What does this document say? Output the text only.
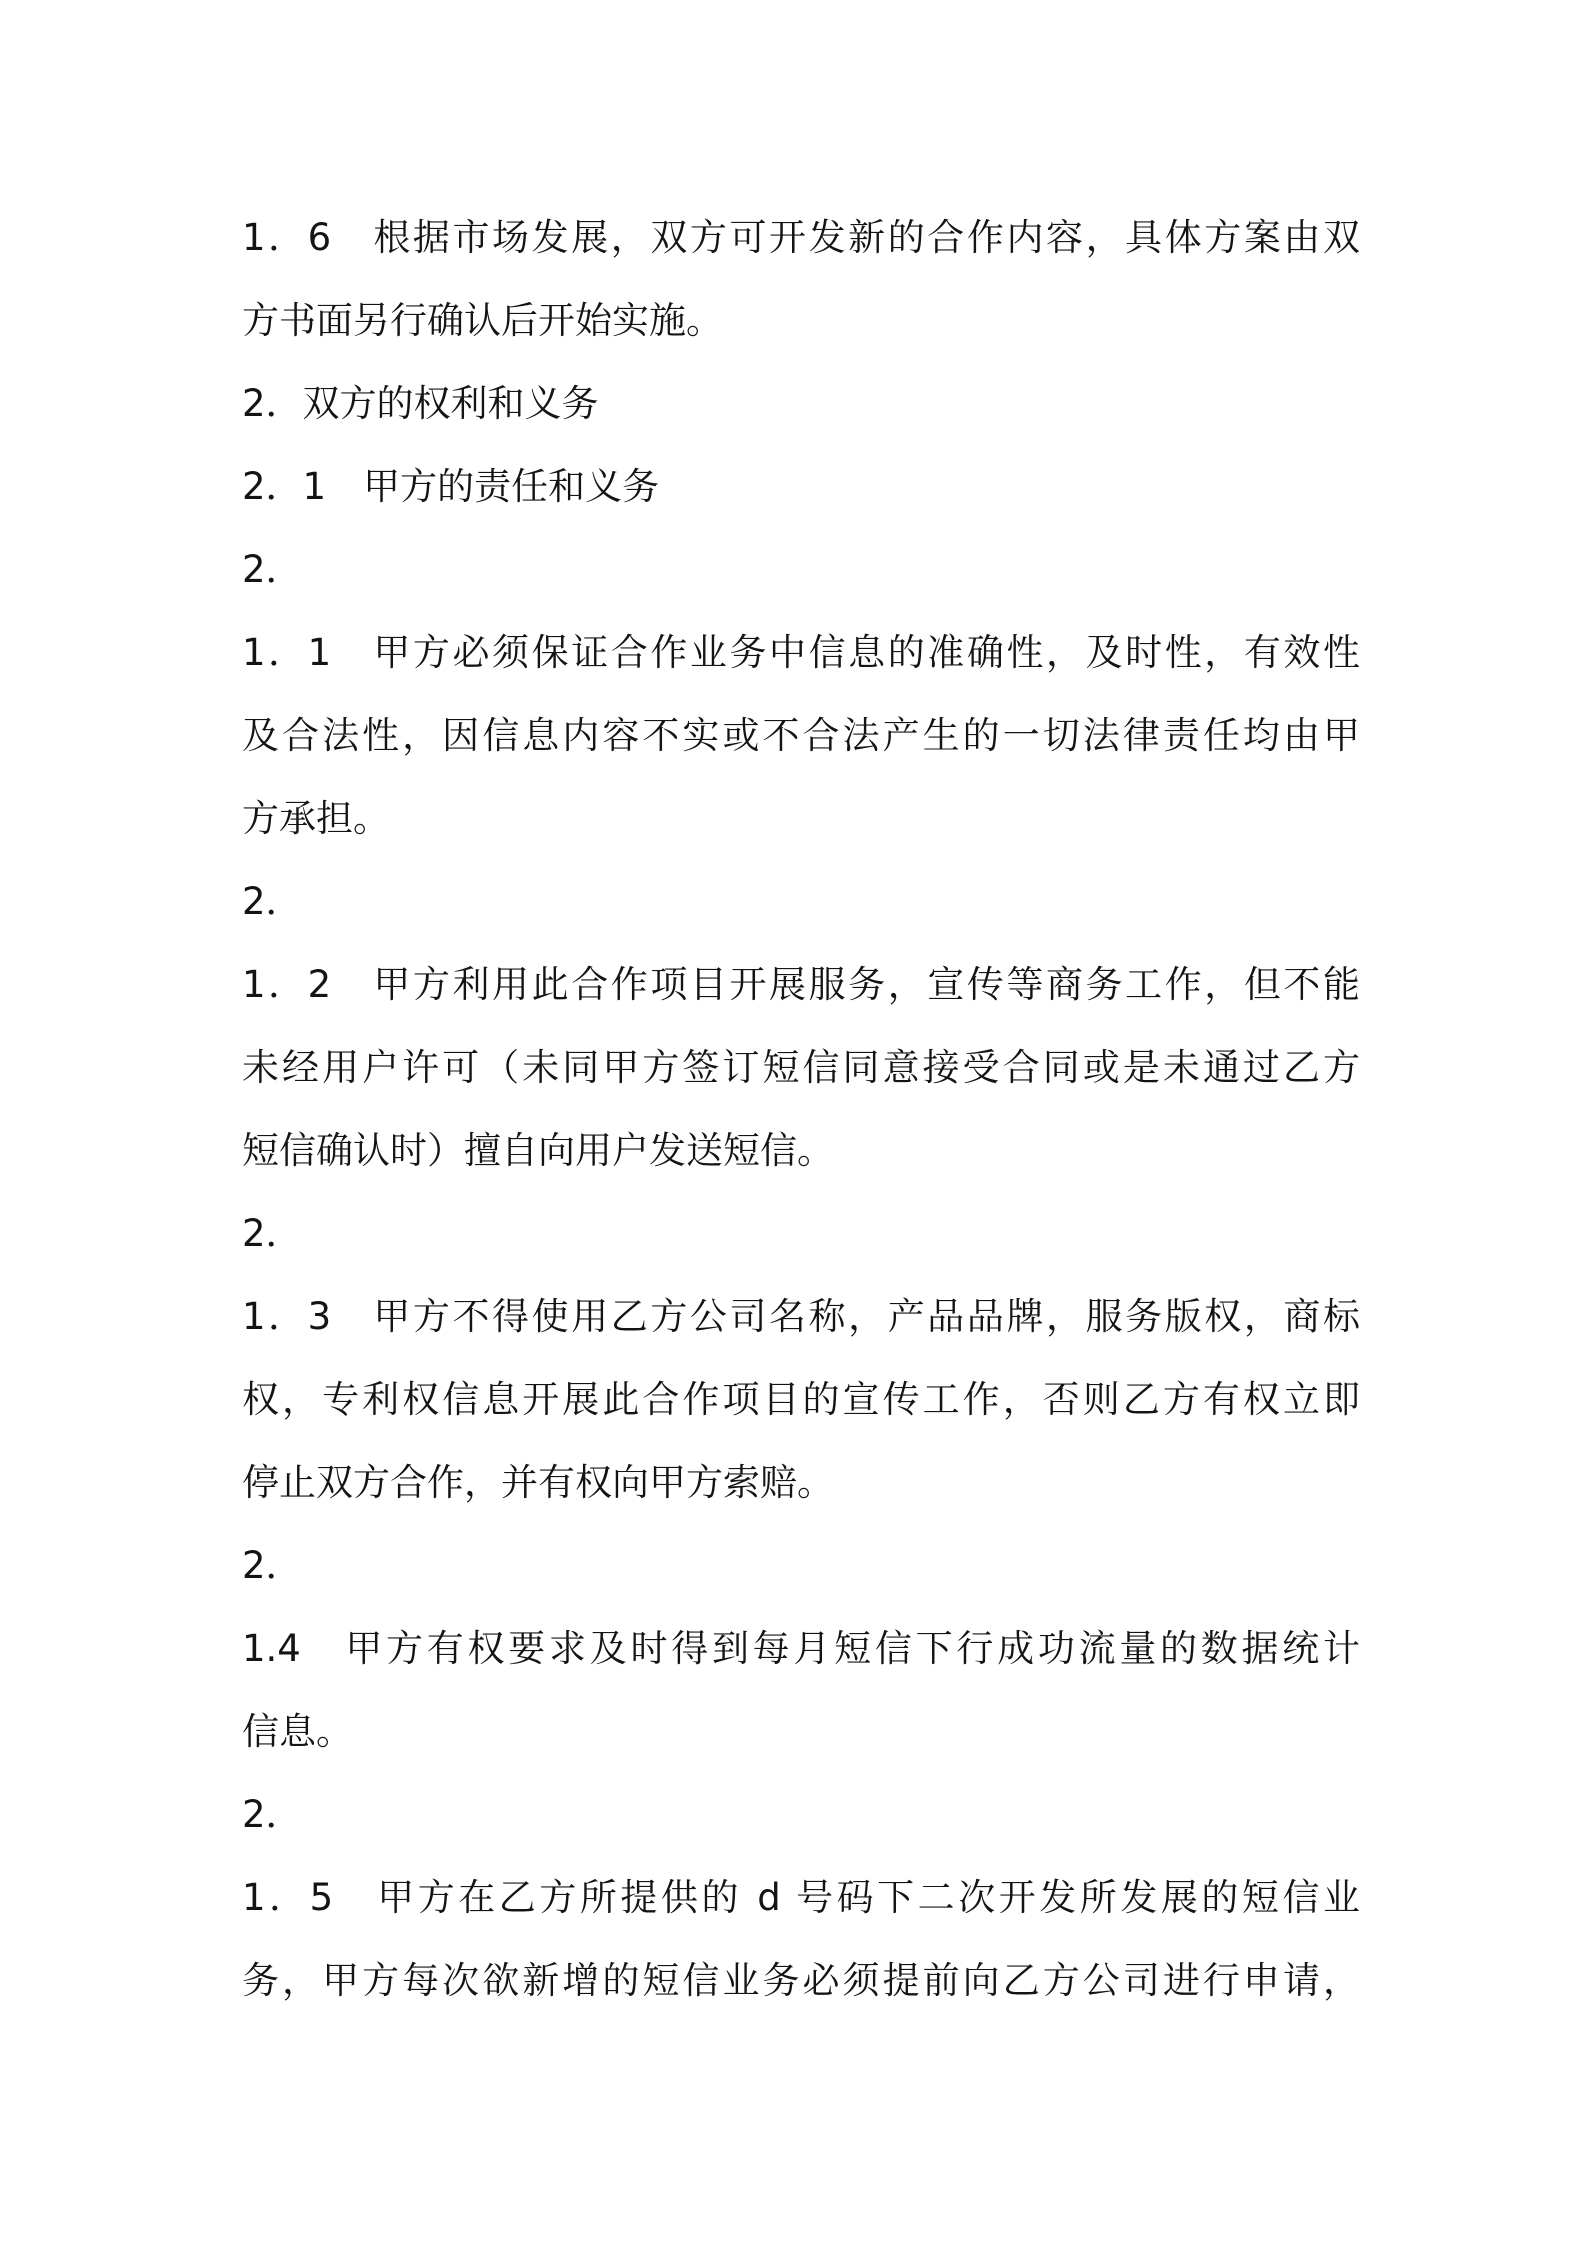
1．6　根据市场发展，双方可开发新的合作内容，具体方案由双
方书面另行确认后开始实施。
2．双方的权利和义务
2．1　甲方的责任和义务
2．
1．1　甲方必须保证合作业务中信息的准确性，及时性，有效性
及合法性，因信息内容不实或不合法产生的一切法律责任均由甲
方承担。
2．
1．2　甲方利用此合作项目开展服务，宣传等商务工作，但不能
未经用户许可（未同甲方签订短信同意接受合同或是未通过乙方
短信确认时）擅自向用户发送短信。
2．
1．3　甲方不得使用乙方公司名称，产品品牌，服务版权，商标
权，专利权信息开展此合作项目的宣传工作，否则乙方有权立即
停止双方合作，并有权向甲方索赔。
2．
1.4　甲方有权要求及时得到每月短信下行成功流量的数据统计
信息。
2．
1．5　甲方在乙方所提供的 d 号码下二次开发所发展的短信业
务，甲方每次欲新增的短信业务必须提前向乙方公司进行申请，
